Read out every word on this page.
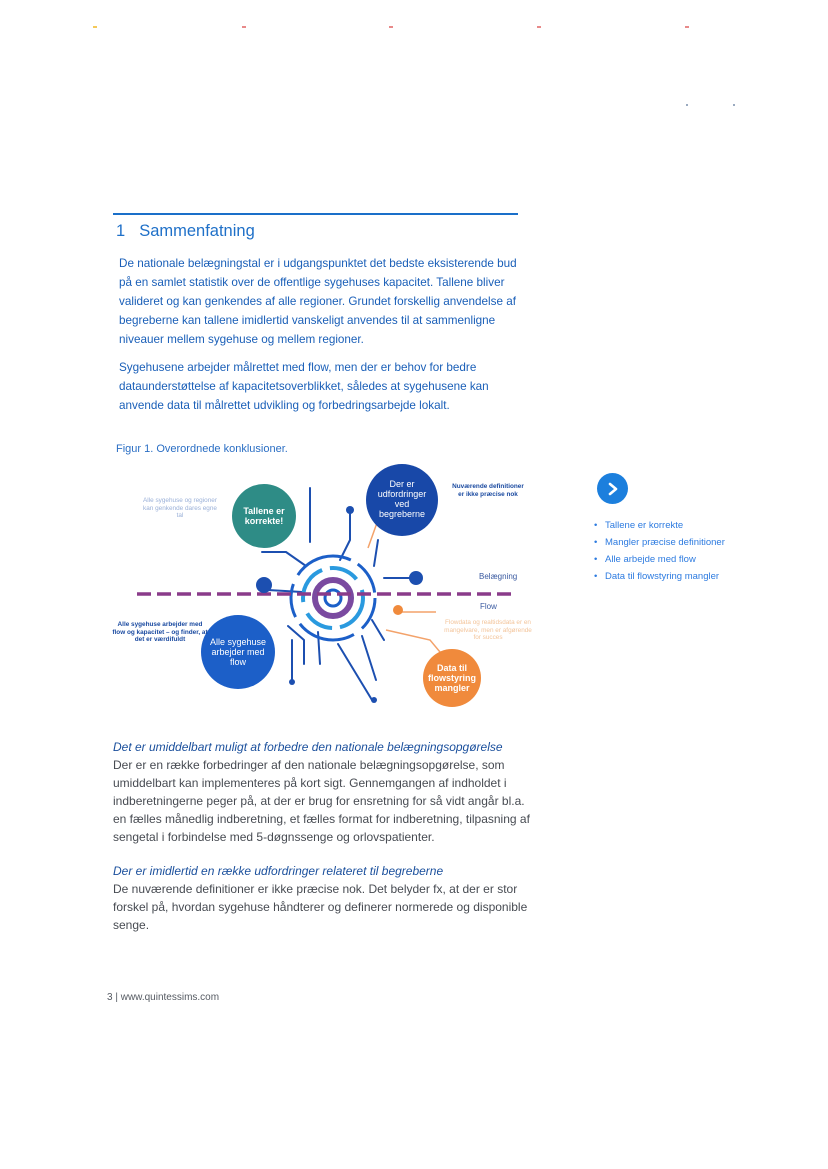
1 Sammenfatning

De nationale belægningstal er i udgangspunktet det bedste eksisterende bud på en samlet statistik over de offentlige sygehuses kapacitet. Tallene bliver valideret og kan genkendes af alle regioner. Grundet forskellig anvendelse af begreberne kan tallene imidlertid vanskeligt anvendes til at sammenligne niveauer mellem sygehuse og mellem regioner.

Sygehusene arbejder målrettet med flow, men der er behov for bedre dataunderstøttelse af kapacitetsoverblikket, således at sygehusene kan anvende data til målrettet udvikling og forbedringsarbejde lokalt.

Figur 1. Overordnede konklusioner.
Tallene er korrekte!
Der er udfordringer ved begreberne
Alle sygehuse arbejder med flow
Data til flowstyring mangler
Alle sygehuse og regioner kan genkende dares egne tal
Nuværende definitioner er ikke præcise nok
Alle sygehuse arbejder med flow og kapacitet – og finder, at det er værdifuldt
Flowdata og realtidsdata er en mangelvare, men er afgørende for succes
Belægning
Flow
• Tallene er korrekte
• Mangler præcise definitioner
• Alle arbejde med flow
• Data til flowstyring mangler
Det er umiddelbart muligt at forbedre den nationale belægningsopgørelse
Der er en række forbedringer af den nationale belægningsopgørelse, som umiddelbart kan implementeres på kort sigt. Gennemgangen af indholdet i indberetningerne peger på, at der er brug for ensretning for så vidt angår bl.a. en fælles månedlig indberetning, et fælles format for indberetning, tilpasning af sengetal i forbindelse med 5-døgnssenge og orlovspatienter.
Der er imidlertid en række udfordringer relateret til begreberne
De nuværende definitioner er ikke præcise nok. Det belyder fx, at der er stor forskel på, hvordan sygehuse håndterer og definerer normerede og disponible senge.
3 | www.quintessims.com
